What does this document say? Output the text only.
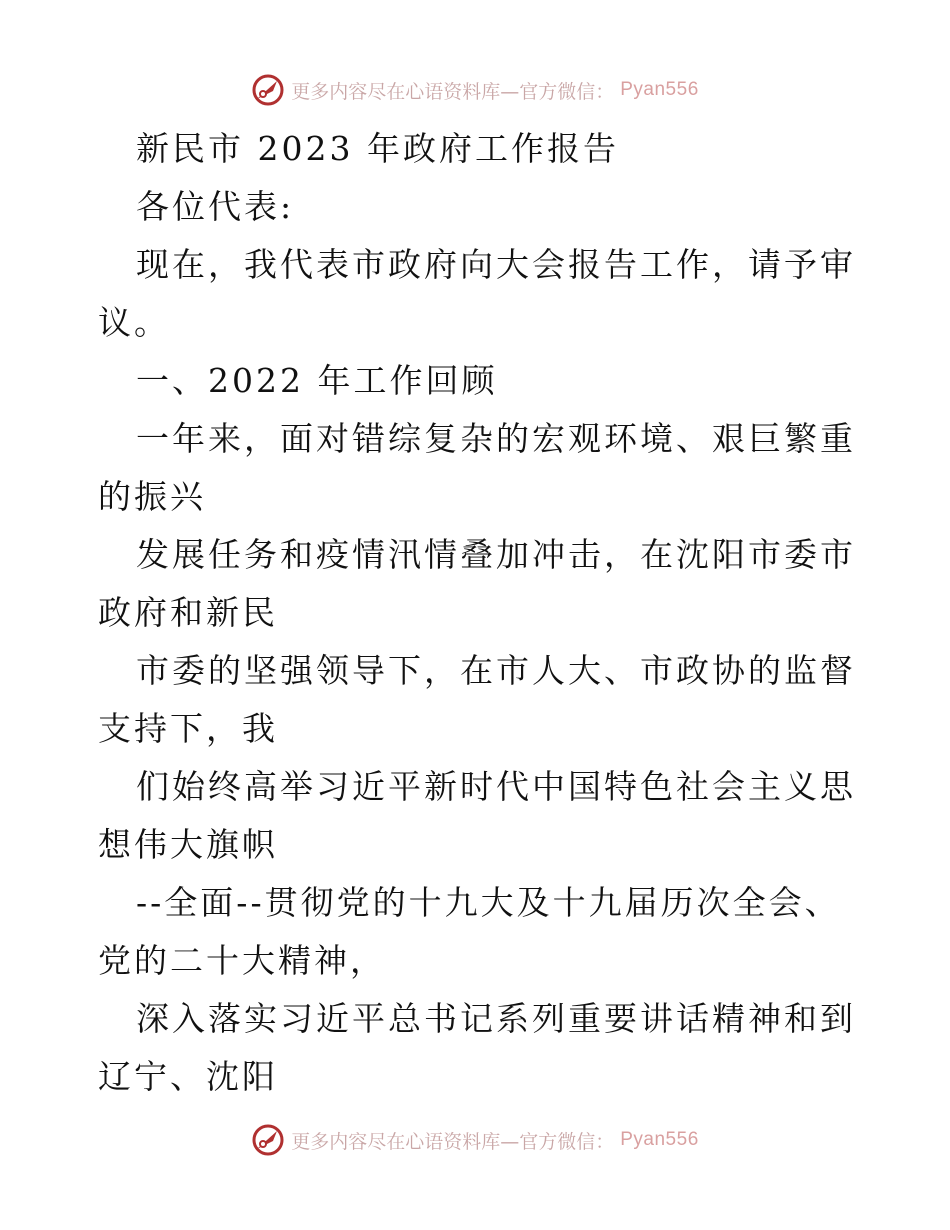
更多内容尽在心语资料库—官方微信： Pyan556

新民市 2023 年政府工作报告

各位代表:

现在，我代表市政府向大会报告工作，请予审议。

一、2022 年工作回顾

一年来，面对错综复杂的宏观环境、艰巨繁重的振兴

发展任务和疫情汛情叠加冲击，在沈阳市委市政府和新民

市委的坚强领导下，在市人大、市政协的监督支持下，我

们始终高举习近平新时代中国特色社会主义思想伟大旗帜

--全面--贯彻党的十九大及十九届历次全会、党的二十大精神，

深入落实习近平总书记系列重要讲话精神和到辽宁、沈阳

更多内容尽在心语资料库—官方微信： Pyan556
